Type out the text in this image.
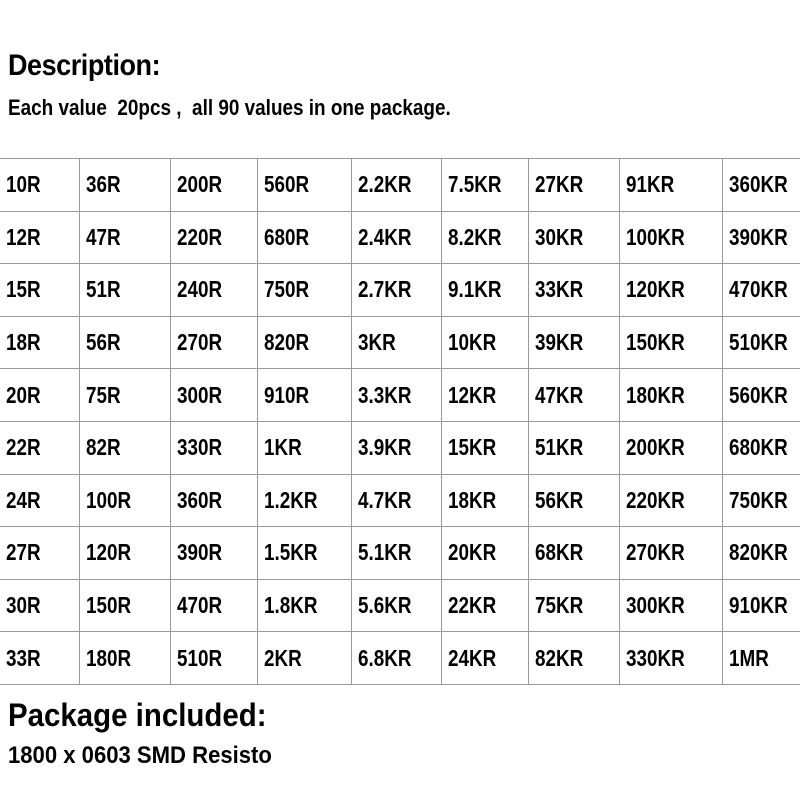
Description:

Each value  20pcs ,  all 90 values in one package.

10R	36R	200R	560R	2.2KR	7.5KR	27KR	91KR	360KR
12R	47R	220R	680R	2.4KR	8.2KR	30KR	100KR	390KR
15R	51R	240R	750R	2.7KR	9.1KR	33KR	120KR	470KR
18R	56R	270R	820R	3KR	10KR	39KR	150KR	510KR
20R	75R	300R	910R	3.3KR	12KR	47KR	180KR	560KR
22R	82R	330R	1KR	3.9KR	15KR	51KR	200KR	680KR
24R	100R	360R	1.2KR	4.7KR	18KR	56KR	220KR	750KR
27R	120R	390R	1.5KR	5.1KR	20KR	68KR	270KR	820KR
30R	150R	470R	1.8KR	5.6KR	22KR	75KR	300KR	910KR
33R	180R	510R	2KR	6.8KR	24KR	82KR	330KR	1MR
Package included:

1800 x 0603 SMD Resisto
